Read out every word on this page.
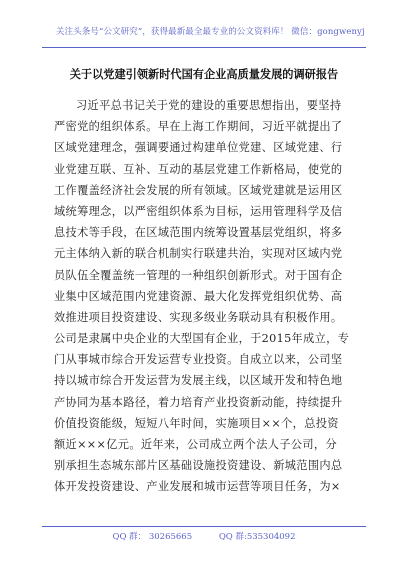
关注头条号“公文研究”，获得最新最全最专业的公文资料库！ 微信：gongwenyj
关于以党建引领新时代国有企业高质量发展的调研报告
习近平总书记关于党的建设的重要思想指出，要坚持
严密党的组织体系。早在上海工作期间，习近平就提出了
区域党建理念，强调要通过构建单位党建、区域党建、行
业党建互联、互补、互动的基层党建工作新格局，使党的
工作覆盖经济社会发展的所有领域。区域党建就是运用区
域统筹理念，以严密组织体系为目标，运用管理科学及信
息技术等手段，在区域范围内统筹设置基层党组织，将多
元主体纳入新的联合机制实行联建共治，实现对区域内党
员队伍全覆盖统一管理的一种组织创新形式。对于国有企
业集中区域范围内党建资源、最大化发挥党组织优势、高
效推进项目投资建设、实现多级业务联动具有积极作用。
公司是隶属中央企业的大型国有企业，于2015年成立，专
门从事城市综合开发运营专业投资。自成立以来，公司坚
持以城市综合开发运营为发展主线，以区域开发和特色地
产协同为基本路径，着力培育产业投资新动能，持续提升
价值投资能级，短短八年时间，实施项目××个，总投资
额近×××亿元。近年来，公司成立两个法人子公司，分
别承担生态城东部片区基础设施投资建设、新城范围内总
体开发投资建设、产业发展和城市运营等项目任务，为×
QQ 群： 30265665	QQ 群:535304092
